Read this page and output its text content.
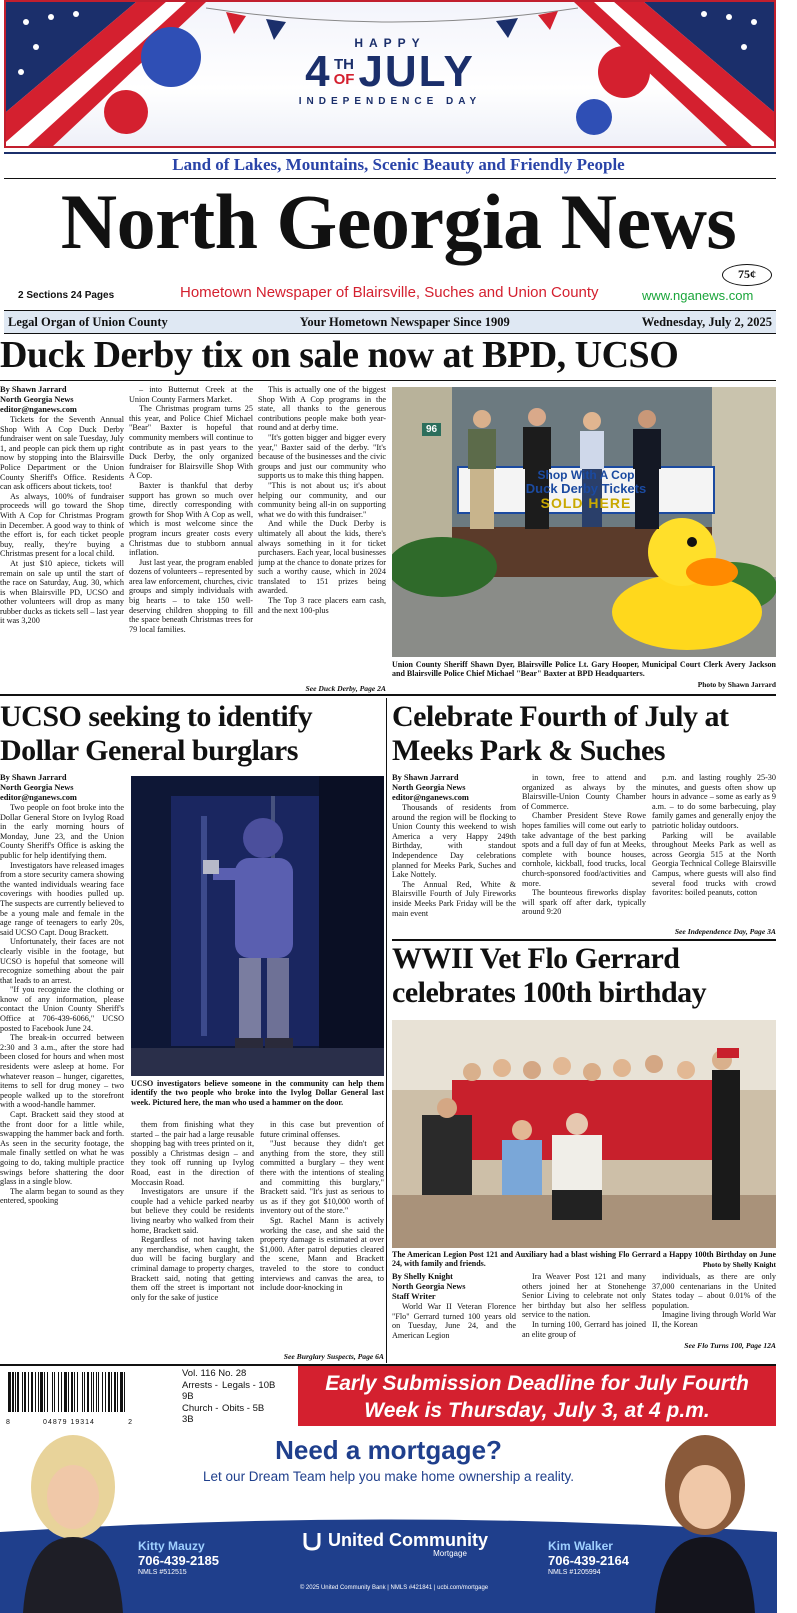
HAPPY
4 TH
OF JULY
INDEPENDENCE DAY
Land of Lakes, Mountains, Scenic Beauty and Friendly People
North Georgia News
75¢
2 Sections 24 Pages	Hometown Newspaper of Blairsville, Suches and Union County	www.nganews.com
Legal Organ of Union County	Your Hometown Newspaper Since 1909	Wednesday, July 2, 2025
Duck Derby tix on sale now at BPD, UCSO
By Shawn Jarrard
North Georgia News
editor@nganews.com

Tickets for the Seventh Annual Shop With A Cop Duck Derby fundraiser went on sale Tuesday, July 1, and people can pick them up right now by stopping into the Blairsville Police Department or the Union County Sheriff's Office. Residents can ask officers about tickets, too!

As always, 100% of fundraiser proceeds will go toward the Shop With A Cop for Christmas Program in December. A good way to think of the effort is, for each ticket people buy, really, they're buying a Christmas present for a local child.

At just $10 apiece, tickets will remain on sale up until the start of the race on Saturday, Aug. 30, which is when Blairsville PD, UCSO and other volunteers will drop as many rubber ducks as tickets sell – last year it was 3,200

– into Butternut Creek at the Union County Farmers Market.

The Christmas program turns 25 this year, and Police Chief Michael "Bear" Baxter is hopeful that community members will continue to contribute as in past years to the Duck Derby, the only organized fundraiser for Blairsville Shop With A Cop.

Baxter is thankful that derby support has grown so much over time, directly corresponding with growth for Shop With A Cop as well, which is most welcome since the program incurs greater costs every Christmas due to stubborn annual inflation.

Just last year, the program enabled dozens of volunteers – represented by area law enforcement, churches, civic groups and simply individuals with big hearts – to take 150 well-deserving children shopping to fill the space beneath Christmas trees for 79 local families.

This is actually one of the biggest Shop With A Cop programs in the state, all thanks to the generous contributions people make both year-round and at derby time.

"It's gotten bigger and bigger every year," Baxter said of the derby. "It's because of the businesses and the civic groups and just our community who supports us to make this thing happen.

"This is not about us; it's about helping our community, and our community being all-in on supporting what we do with this fundraiser."

And while the Duck Derby is ultimately all about the kids, there's always something in it for ticket purchasers. Each year, local businesses jump at the chance to donate prizes for such a worthy cause, which in 2024 translated to 151 prizes being awarded.

The Top 3 race placers earn cash, and the next 100-plus

See Duck Derby, Page 2A
96
Shop With A Cop
Duck Derby Tickets
SOLD HERE
Union County Sheriff Shawn Dyer, Blairsville Police Lt. Gary Hooper, Municipal Court Clerk Avery Jackson and Blairsville Police Chief Michael "Bear" Baxter at BPD Headquarters.
Photo by Shawn Jarrard
UCSO seeking to identify Dollar General burglars
By Shawn Jarrard
North Georgia News
editor@nganews.com

Two people on foot broke into the Dollar General Store on Ivylog Road in the early morning hours of Monday, June 23, and the Union County Sheriff's Office is asking the public for help identifying them.

Investigators have released images from a store security camera showing the wanted individuals wearing face coverings with hoodies pulled up. The suspects are currently believed to be a young male and female in the age range of teenagers to early 20s, said UCSO Capt. Doug Brackett.

Unfortunately, their faces are not clearly visible in the footage, but UCSO is hopeful that someone will recognize something about the pair that leads to an arrest.

"If you recognize the clothing or know of any information, please contact the Union County Sheriff's Office at 706-439-6066," UCSO posted to Facebook June 24.

The break-in occurred between 2:30 and 3 a.m., after the store had been closed for hours and when most residents were asleep at home. For whatever reason – hunger, cigarettes, items to sell for drug money – two people walked up to the storefront with a wood-handle hammer.

Capt. Brackett said they stood at the front door for a little while, swapping the hammer back and forth. As seen in the security footage, the male finally settled on what he was going to do, taking multiple practice swings before shattering the door glass in a single blow.

The alarm began to sound as they entered, spooking

UCSO investigators believe someone in the community can help them identify the two people who broke into the Ivylog Dollar General last week. Pictured here, the man who used a hammer on the door.

them from finishing what they started – the pair had a large reusable shopping bag with trees printed on it, possibly a Christmas design – and they took off running up Ivylog Road, east in the direction of Moccasin Road.

Investigators are unsure if the couple had a vehicle parked nearby but believe they could be residents living nearby who walked from their home, Brackett said.

Regardless of not having taken any merchandise, when caught, the duo will be facing burglary and criminal damage to property charges, Brackett said, noting that getting them off the street is important not only for the sake of justice

in this case but prevention of future criminal offenses.

"Just because they didn't get anything from the store, they still committed a burglary – they went there with the intentions of stealing and committing this burglary," Brackett said. "It's just as serious to us as if they got $10,000 worth of inventory out of the store."

Sgt. Rachel Mann is actively working the case, and she said the property damage is estimated at over $1,000. After patrol deputies cleared the scene, Mann and Brackett traveled to the store to conduct interviews and canvas the area, to include door-knocking in

See Burglary Suspects, Page 6A
Celebrate Fourth of July at Meeks Park & Suches
By Shawn Jarrard
North Georgia News
editor@nganews.com

Thousands of residents from around the region will be flocking to Union County this weekend to wish America a very Happy 249th Birthday, with standout Independence Day celebrations planned for Meeks Park, Suches and Lake Nottely.

The Annual Red, White & Blairsville Fourth of July Fireworks inside Meeks Park Friday will be the main event

in town, free to attend and organized as always by the Blairsville-Union County Chamber of Commerce.

Chamber President Steve Rowe hopes families will come out early to take advantage of the best parking spots and a full day of fun at Meeks, complete with bounce houses, cornhole, kickball, food trucks, local church-sponsored food/activities and more.

The bounteous fireworks display will spark off after dark, typically around 9:20

p.m. and lasting roughly 25-30 minutes, and guests often show up hours in advance – some as early as 9 a.m. – to do some barbecuing, play family games and generally enjoy the patriotic holiday outdoors.

Parking will be available throughout Meeks Park as well as across Georgia 515 at the North Georgia Technical College Blairsville Campus, where guests will also find several food trucks with crowd favorites: boiled peanuts, cotton

See Independence Day, Page 3A
WWII Vet Flo Gerrard celebrates 100th birthday
The American Legion Post 121 and Auxiliary had a blast wishing Flo Gerrard a Happy 100th Birthday on June 24, with family and friends.	Photo by Shelly Knight
By Shelly Knight
North Georgia News
Staff Writer

World War II Veteran Florence "Flo" Gerrard turned 100 years old on Tuesday, June 24, and the American Legion

Ira Weaver Post 121 and many others joined her at Stonehenge Senior Living to celebrate not only her birthday but also her selfless service to the nation.

In turning 100, Gerrard has joined an elite group of

individuals, as there are only 37,000 centenarians in the United States today – about 0.01% of the population.

Imagine living through World War II, the Korean

See Flo Turns 100, Page 12A
8	04879 19314	2
Vol. 116 No. 28
Arrests - 9B
Legals - 10B
Church - 3B
Obits - 5B
Early Submission Deadline for July Fourth
Week is Thursday, July 3, at 4 p.m.
Need a mortgage?
Let our Dream Team help you make home ownership a reality.
Kitty Mauzy
706-439-2185
NMLS #512515
Kim Walker
706-439-2164
NMLS #1205994
United Community
Mortgage
© 2025 United Community Bank | NMLS #421841 | ucbi.com/mortgage
